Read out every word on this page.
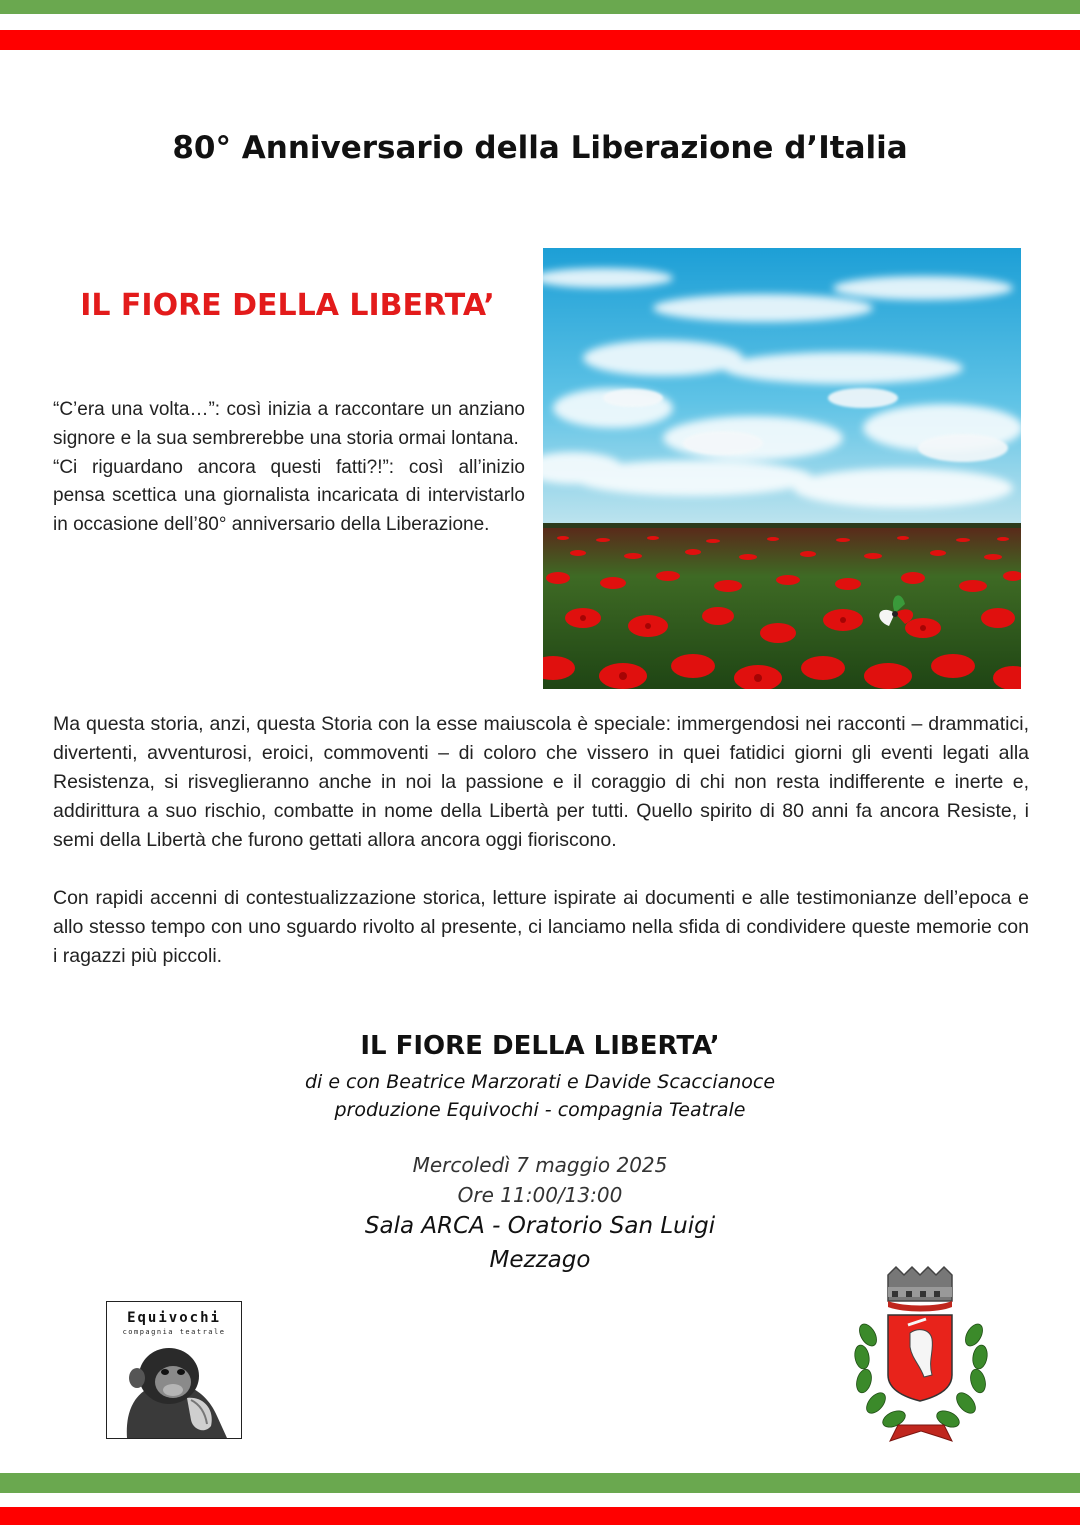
80° Anniversario della Liberazione d’Italia
IL FIORE DELLA LIBERTA’
“C’era una volta…”: così inizia a raccontare un anziano signore e la sua sembrerebbe una storia ormai lontana.
“Ci riguardano ancora questi fatti?!”: così all’inizio pensa scettica una giornalista incaricata di intervistarlo in occasione dell’80° anniversario della Liberazione.
Ma questa storia, anzi, questa Storia con la esse maiuscola è speciale: immergendosi nei racconti – drammatici, divertenti, avventurosi, eroici, commoventi – di coloro che vissero in quei fatidici giorni gli eventi legati alla Resistenza, si risveglieranno anche in noi la passione e il coraggio di chi non resta indifferente e inerte e, addirittura a suo rischio, combatte in nome della Libertà per tutti. Quello spirito di 80 anni fa ancora Resiste, i semi della Libertà che furono gettati allora ancora oggi fioriscono.
Con rapidi accenni di contestualizzazione storica, letture ispirate ai documenti e alle testimonianze dell’epoca e allo stesso tempo con uno sguardo rivolto al presente, ci lanciamo nella sfida di condividere queste memorie con i ragazzi più piccoli.
IL FIORE DELLA LIBERTA’
di e con Beatrice Marzorati e Davide Scaccianoce
produzione Equivochi - compagnia Teatrale
Mercoledì 7 maggio 2025
Ore 11:00/13:00
Sala ARCA - Oratorio San Luigi
Mezzago
Equivochi
compagnia teatrale
